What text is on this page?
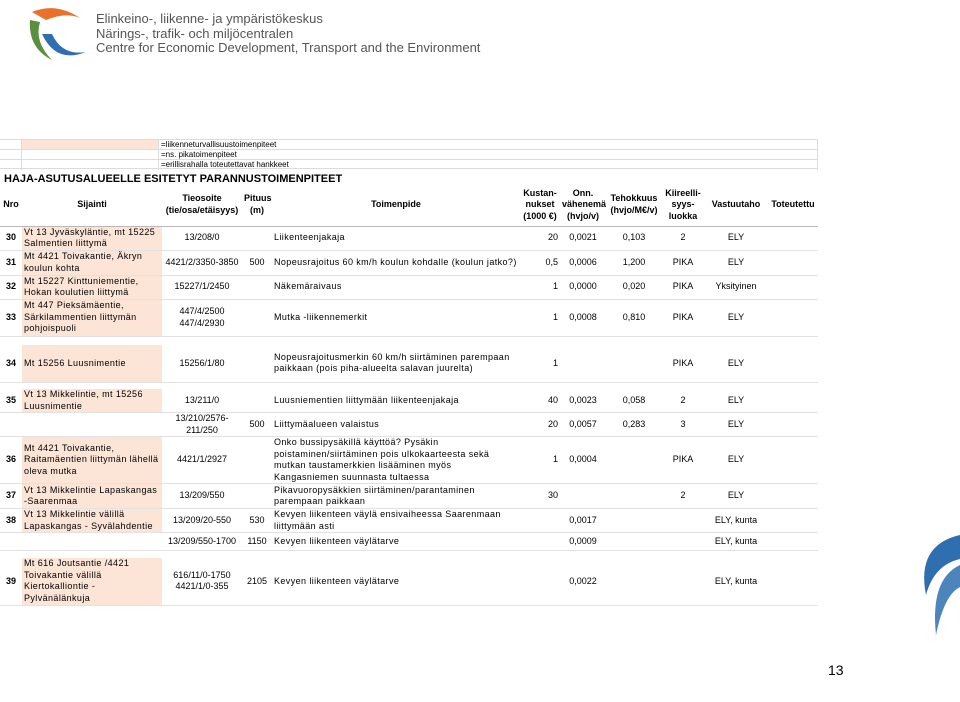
Elinkeino-, liikenne- ja ympäristökeskus
Närings-, trafik- och miljöcentralen
Centre for Economic Development, Transport and the Environment
=liikenneturvallisuustoimenpiteet
=ns. pikatoimenpiteet
=erillisrahalla toteutettavat hankkeet
HAJA-ASUTUSALUEELLE ESITETYT PARANNUSTOIMENPITEET
Nro	Sijainti	Tieosoite (tie/osa/etäisyys)	Pituus (m)	Toimenpide	Kustan- nukset (1000 €)	Onn. vähenemä (hvjo/v)	Tehokkuus (hvjo/M€/v)	Kiireelli- syys- luokka	Vastuutaho	Toteutettu
30	Vt 13 Jyväskyläntie, mt 15225 Salmentien liittymä	13/208/0		Liikenteenjakaja	20	0,0021	0,103	2	ELY	
31	Mt 4421 Toivakantie, Äkryn koulun kohta	4421/2/3350-3850	500	Nopeusrajoitus 60 km/h koulun kohdalle (koulun jatko?)	0,5	0,0006	1,200	PIKA	ELY	
32	Mt 15227 Kinttuniementie, Hokan koulutien liittymä	15227/1/2450		Näkemäraivaus	1	0,0000	0,020	PIKA	Yksityinen	
33	Mt 447 Pieksämäentie, Särkilammentien liittymän pohjoispuoli	447/4/2500 447/4/2930		Mutka -liikennemerkit	1	0,0008	0,810	PIKA	ELY	

34	Mt 15256 Luusnimentie	15256/1/80		Nopeusrajoitusmerkin 60 km/h siirtäminen parempaan paikkaan (pois piha-alueelta salavan juurelta)	1			PIKA	ELY	

35	Vt 13 Mikkelintie, mt 15256 Luusnimentie	13/211/0		Luusniementien liittymään liikenteenjakaja	40	0,0023	0,058	2	ELY	
		13/210/2576-211/250	500	Liittymäalueen valaistus	20	0,0057	0,283	3	ELY	
36	Mt 4421 Toivakantie, Raitamäentien liittymän lähellä oleva mutka	4421/1/2927		Onko bussipysäkillä käyttöä? Pysäkin poistaminen/siirtäminen pois ulkokaarteesta sekä mutkan taustamerkkien lisääminen myös Kangasniemen suunnasta tultaessa	1	0,0004		PIKA	ELY	
37	Vt 13 Mikkelintie Lapaskangas -Saarenmaa	13/209/550		Pikavuoropysäkkien siirtäminen/parantaminen parempaan paikkaan	30			2	ELY	
38	Vt 13 Mikkelintie välillä Lapaskangas - Syvälahdentie	13/209/20-550	530	Kevyen liikenteen väylä ensivaiheessa Saarenmaan liittymään asti		0,0017			ELY, kunta	
		13/209/550-1700	1150	Kevyen liikenteen väylätarve		0,0009			ELY, kunta	

39	Mt 616 Joutsantie /4421 Toivakantie välillä Kiertokalliontie - Pylvänälänkuja	616/11/0-1750 4421/1/0-355	2105	Kevyen liikenteen väylätarve		0,0022			ELY, kunta	
13
